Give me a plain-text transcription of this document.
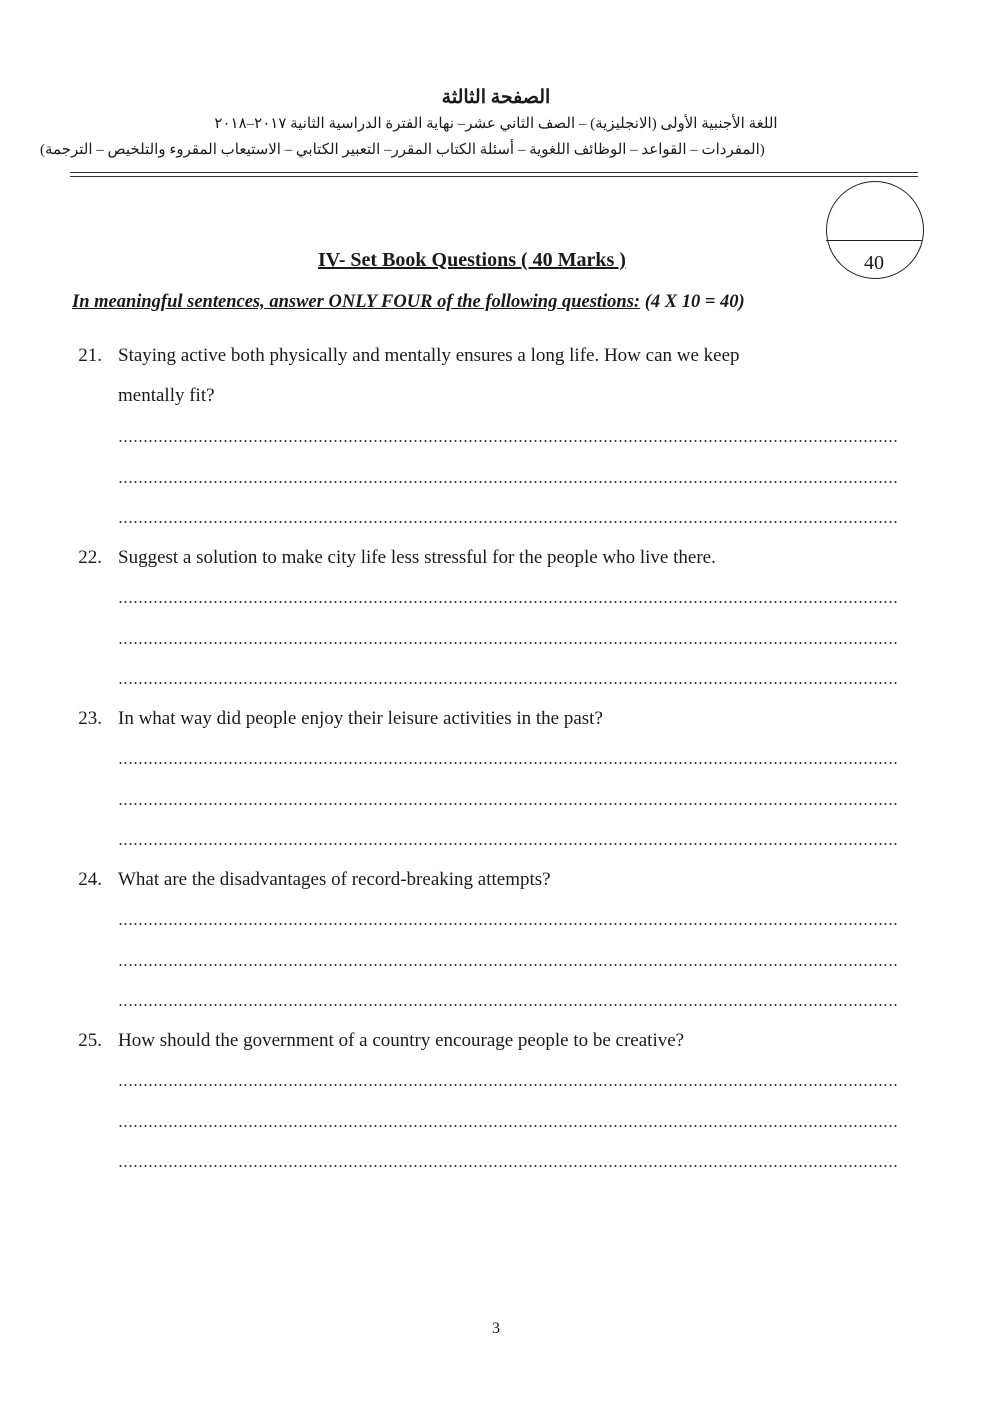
الصفحة الثالثة
اللغة الأجنبية الأولى (الانجليزية) – الصف الثاني عشر– نهاية الفترة الدراسية الثانية ٢٠١٧–٢٠١٨
(المفردات – القواعد – الوظائف اللغوية – أسئلة الكتاب المقرر– التعبير الكتابي – الاستيعاب المقروء والتلخيص – الترجمة)
40
IV- Set Book Questions ( 40 Marks )
In meaningful sentences, answer ONLY FOUR of the following questions: (4 X 10 = 40)
21. Staying active both physically and mentally ensures a long life. How can we keep
mentally fit?
22. Suggest a solution to make city life less stressful for the people who live there.
23. In what way did people enjoy their leisure activities in the past?
24. What are the disadvantages of record-breaking attempts?
25. How should the government of a country encourage people to be creative?
3
